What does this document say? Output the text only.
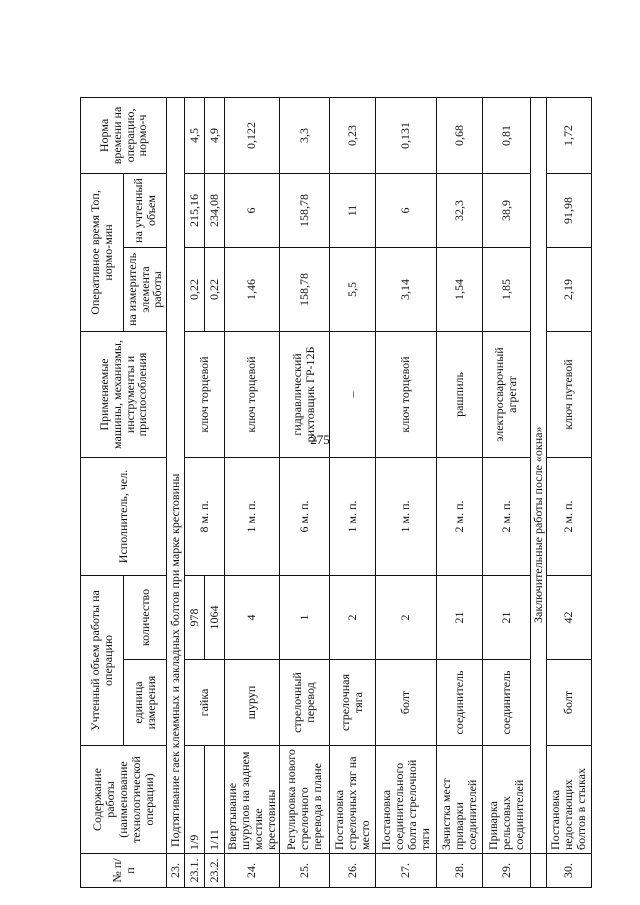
275
№ п/п	Содержание работы (наименование технологической операции)	Учтенный объем работы на операцию		Исполнитель, чел.	Применяемые машины, механизмы, инструменты и приспособления	Оперативное время Топ, нормо-мин		Норма времени на операцию, нормо-ч
		единица измерения	количество			на измеритель элемента работы	на учтенный объем	
23.	Подтягивание гаек клеммных и закладных болтов при марке крестовины							
23.1.	1/9	гайка	978	8 м. п.	ключ торцевой	0,22	215,16	4,5
23.2.	1/11		1064			0,22	234,08	4,9
24.	Ввертывание шурупов на заднем мостике крестовины	шуруп	4	1 м. п.	ключ торцевой	1,46	6	0,122
25.	Регулировка нового стрелочного перевода в плане	стрелочный перевод	1	6 м. п.	гидравлический рихтовщик ГР-12Б	158,78	158,78	3,3
26.	Постановка стрелочных тяг на место	стрелочная тяга	2	1 м. п.	–	5,5	11	0,23
27.	Постановка соединительного болта стрелочной тяги	болт	2	1 м. п.	ключ торцевой	3,14	6	0,131
28.	Зачистка мест приварки соединителей	соединитель	21	2 м. п.	рашпиль	1,54	32,3	0,68
29.	Приварка рельсовых соединителей	соединитель	21	2 м. п.	электросварочный агрегат	1,85	38,9	0,81
	Заключительные работы после «окна»							
30.	Постановка недостающих болтов в стыках	болт	42	2 м. п.	ключ путевой	2,19	91,98	1,72
